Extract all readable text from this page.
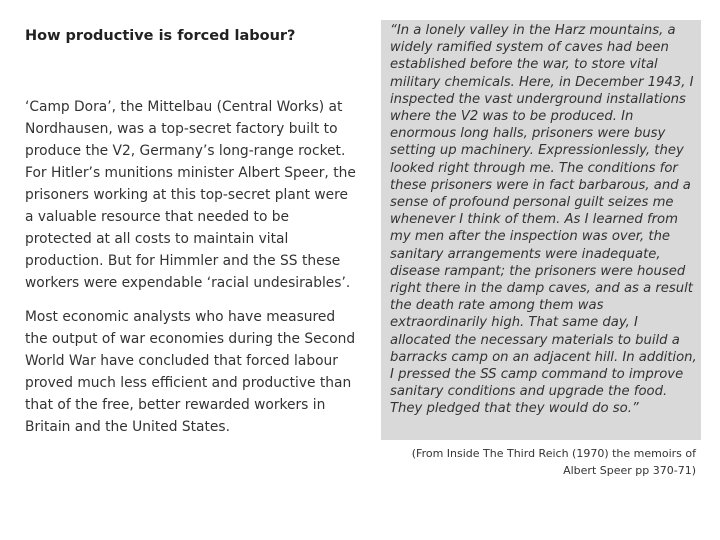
How productive is forced labour?

‘Camp Dora’, the Mittelbau (Central Works) at Nordhausen, was a top-secret factory built to produce the V2, Germany’s long-range rocket. For Hitler’s munitions minister Albert Speer, the prisoners working at this top-secret plant were a valuable resource that needed to be protected at all costs to maintain vital production. But for Himmler and the SS these workers were expendable ‘racial undesirables’.

Most economic analysts who have measured the output of war economies during the Second World War have concluded that forced labour proved much less efficient and productive than that of the free, better rewarded workers in Britain and the United States.

“In a lonely valley in the Harz mountains, a widely ramified system of caves had been established before the war, to store vital military chemicals. Here, in December 1943, I inspected the vast underground installations where the V2 was to be produced. In enormous long halls, prisoners were busy setting up machinery. Expressionlessly, they looked right through me. The conditions for these prisoners were in fact barbarous, and a sense of profound personal guilt seizes me whenever I think of them. As I learned from my men after the inspection was over, the sanitary arrangements were inadequate, disease rampant; the prisoners were housed right there in the damp caves, and as a result the death rate among them was extraordinarily high. That same day, I allocated the necessary materials to build a barracks camp on an adjacent hill. In addition, I pressed the SS camp command to improve sanitary conditions and upgrade the food. They pledged that they would do so.”

(From Inside The Third Reich (1970) the memoirs of Albert Speer pp 370-71)
